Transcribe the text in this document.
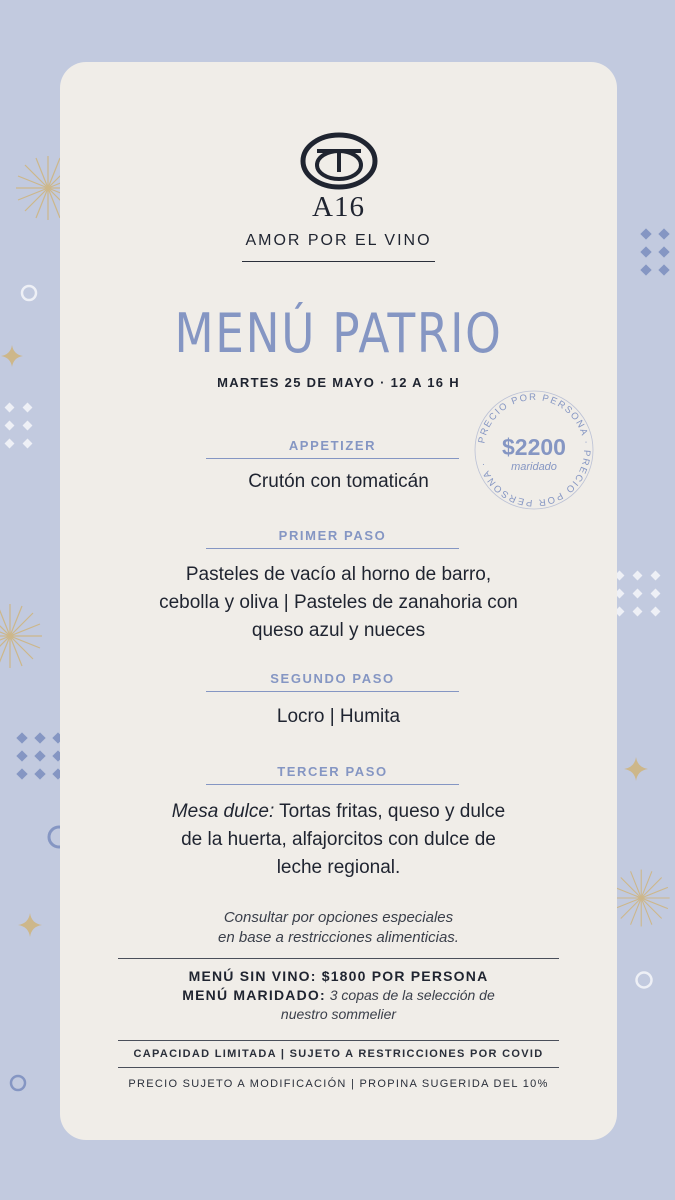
A16
AMOR POR EL VINO
MENÚ PATRIO
MARTES 25 DE MAYO · 12 A 16 H
PRECIO POR PERSONA · PRECIO POR PERSONA ·
$2200
maridado
APPETIZER
Crutón con tomaticán
PRIMER PASO
Pasteles de vacío al horno de barro,
cebolla y oliva | Pasteles de zanahoria con
queso azul y nueces
SEGUNDO PASO
Locro | Humita
TERCER PASO
Mesa dulce: Tortas fritas, queso y dulce
de la huerta, alfajorcitos con dulce de
leche regional.
Consultar por opciones especiales
en base a restricciones alimenticias.
MENÚ SIN VINO: $1800 POR PERSONA
MENÚ MARIDADO: 3 copas de la selección de
nuestro sommelier
CAPACIDAD LIMITADA | SUJETO A RESTRICCIONES POR COVID
PRECIO SUJETO A MODIFICACIÓN | PROPINA SUGERIDA DEL 10%
